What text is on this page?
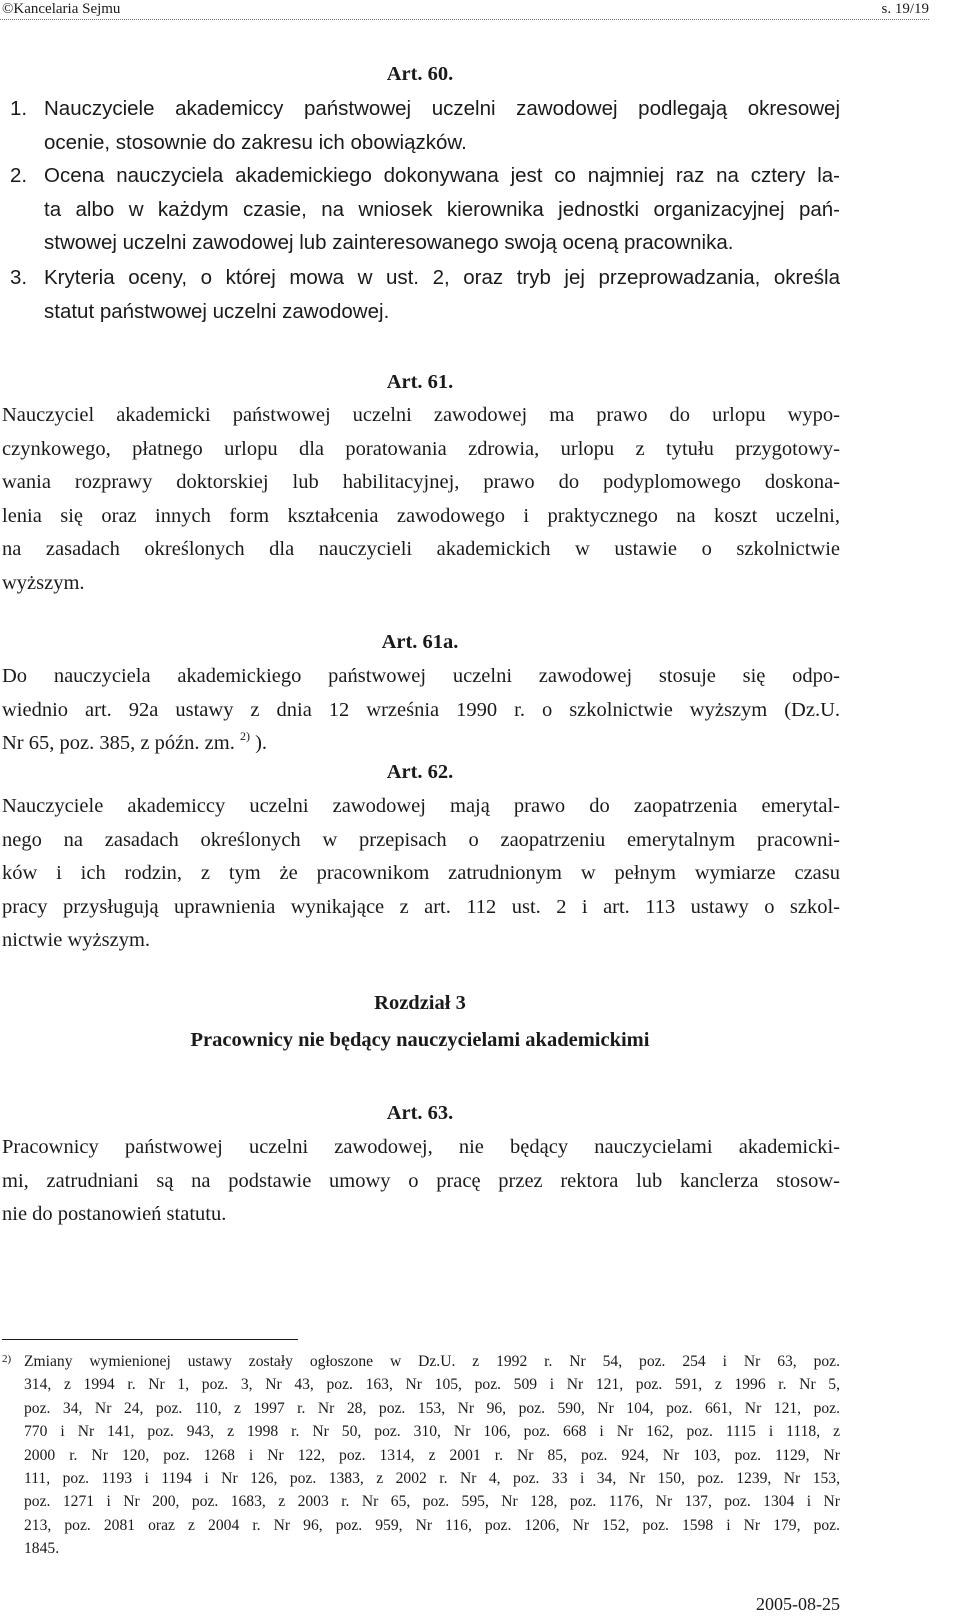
©Kancelaria Sejmu	s. 19/19
Art. 60.
1. Nauczyciele akademiccy państwowej uczelni zawodowej podlegają okresowej
ocenie, stosownie do zakresu ich obowiązków.
2. Ocena nauczyciela akademickiego dokonywana jest co najmniej raz na cztery la-
ta albo w każdym czasie, na wniosek kierownika jednostki organizacyjnej pań-
stwowej uczelni zawodowej lub zainteresowanego swoją oceną pracownika.
3. Kryteria oceny, o której mowa w ust. 2, oraz tryb jej przeprowadzania, określa
statut państwowej uczelni zawodowej.
Art. 61.
Nauczyciel akademicki państwowej uczelni zawodowej ma prawo do urlopu wypo-
czynkowego, płatnego urlopu dla poratowania zdrowia, urlopu z tytułu przygotowy-
wania rozprawy doktorskiej lub habilitacyjnej, prawo do podyplomowego doskona-
lenia się oraz innych form kształcenia zawodowego i praktycznego na koszt uczelni,
na zasadach określonych dla nauczycieli akademickich w ustawie o szkolnictwie
wyższym.
Art. 61a.
Do nauczyciela akademickiego państwowej uczelni zawodowej stosuje się odpo-
wiednio art. 92a ustawy z dnia 12 września 1990 r. o szkolnictwie wyższym (Dz.U.
Nr 65, poz. 385, z późn. zm. $^{2)}$ ).
Art. 62.
Nauczyciele akademiccy uczelni zawodowej mają prawo do zaopatrzenia emerytal-
nego na zasadach określonych w przepisach o zaopatrzeniu emerytalnym pracowni-
ków i ich rodzin, z tym że pracownikom zatrudnionym w pełnym wymiarze czasu
pracy przysługują uprawnienia wynikające z art. 112 ust. 2 i art. 113 ustawy o szkol-
nictwie wyższym.
Rozdział 3
Pracownicy nie będący nauczycielami akademickimi
Art. 63.
Pracownicy państwowej uczelni zawodowej, nie będący nauczycielami akademicki-
mi, zatrudniani są na podstawie umowy o pracę przez rektora lub kanclerza stosow-
nie do postanowień statutu.
2) Zmiany wymienionej ustawy zostały ogłoszone w Dz.U. z 1992 r. Nr 54, poz. 254 i Nr 63, poz.
314, z 1994 r. Nr 1, poz. 3, Nr 43, poz. 163, Nr 105, poz. 509 i Nr 121, poz. 591, z 1996 r. Nr 5,
poz. 34, Nr 24, poz. 110, z 1997 r. Nr 28, poz. 153, Nr 96, poz. 590, Nr 104, poz. 661, Nr 121, poz.
770 i Nr 141, poz. 943, z 1998 r. Nr 50, poz. 310, Nr 106, poz. 668 i Nr 162, poz. 1115 i 1118, z
2000 r. Nr 120, poz. 1268 i Nr 122, poz. 1314, z 2001 r. Nr 85, poz. 924, Nr 103, poz. 1129, Nr
111, poz. 1193 i 1194 i Nr 126, poz. 1383, z 2002 r. Nr 4, poz. 33 i 34, Nr 150, poz. 1239, Nr 153,
poz. 1271 i Nr 200, poz. 1683, z 2003 r. Nr 65, poz. 595, Nr 128, poz. 1176, Nr 137, poz. 1304 i Nr
213, poz. 2081 oraz z 2004 r. Nr 96, poz. 959, Nr 116, poz. 1206, Nr 152, poz. 1598 i Nr 179, poz.
1845.
2005-08-25
